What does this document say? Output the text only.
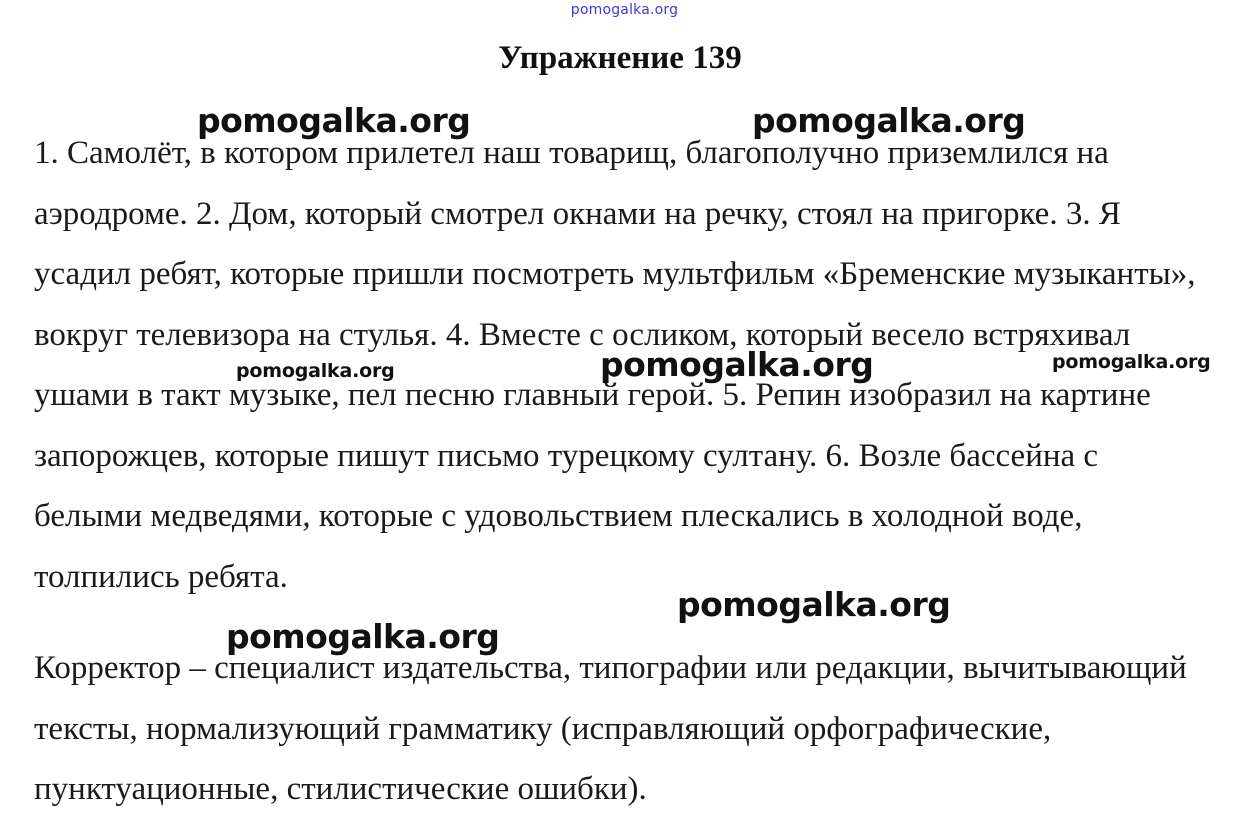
pomogalka.org
Упражнение 139

1. Самолёт, в котором прилетел наш товарищ, благополучно приземлился на аэродроме. 2. Дом, который смотрел окнами на речку, стоял на пригорке. 3. Я усадил ребят, которые пришли посмотреть мультфильм «Бременские музыканты», вокруг телевизора на стулья. 4. Вместе с осликом, который весело встряхивал ушами в такт музыке, пел песню главный герой. 5. Репин изобразил на картине запорожцев, которые пишут письмо турецкому султану. 6. Возле бассейна с белыми медведями, которые с удовольствием плескались в холодной воде, толпились ребята.

Корректор – специалист издательства, типографии или редакции, вычитывающий тексты, нормализующий грамматику (исправляющий орфографические, пунктуационные, стилистические ошибки).

pomogalka.org	pomogalka.org
pomogalka.org	pomogalka.org	pomogalka.org
pomogalka.org
pomogalka.org
